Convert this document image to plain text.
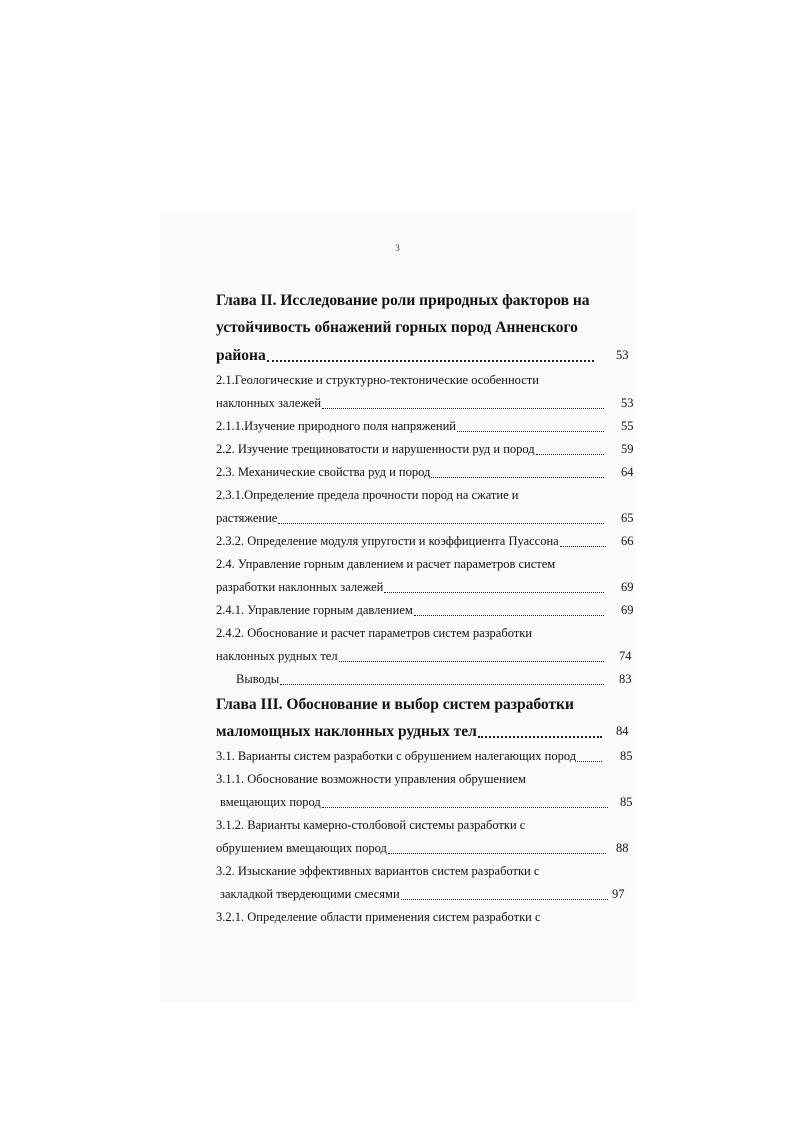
3
Глава II. Исследование роли природных факторов на
устойчивость обнажений горных пород Анненского
района	53
2.1.Геологические и структурно-тектонические особенности
наклонных залежей	53
2.1.1.Изучение природного поля напряжений	55
2.2. Изучение трещиноватости и нарушенности руд и пород	59
2.3. Механические свойства руд и пород	64
2.3.1.Определение предела прочности пород на сжатие и
растяжение	65
2.3.2. Определение модуля упругости и коэффициента Пуассона	66
2.4. Управление горным давлением и расчет параметров систем
разработки наклонных залежей	69
2.4.1. Управление горным давлением	69
2.4.2. Обоснование и расчет параметров систем разработки
наклонных рудных тел	74
Выводы	83
Глава III. Обоснование и выбор систем разработки
маломощных наклонных рудных тел	84
3.1. Варианты систем разработки с обрушением налегающих пород	85
3.1.1. Обоснование возможности управления обрушением
вмещающих пород	85
3.1.2. Варианты камерно-столбовой системы разработки с
обрушением вмещающих пород	88
3.2. Изыскание эффективных вариантов систем разработки с
закладкой твердеющими смесями	97
3.2.1. Определение области применения систем разработки с
